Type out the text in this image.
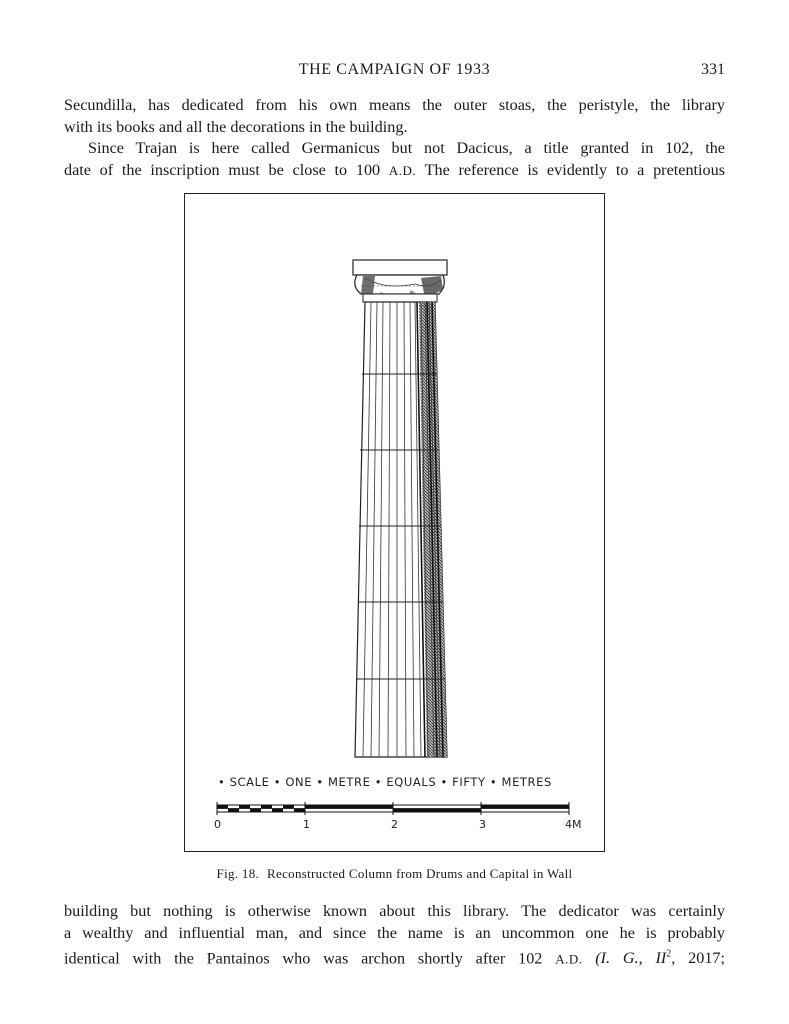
THE CAMPAIGN OF 1933	331
Secundilla, has dedicated from his own means the outer stoas, the peristyle, the library
with its books and all the decorations in the building.
Since Trajan is here called Germanicus but not Dacicus, a title granted in 102, the
date of the inscription must be close to 100 A.D. The reference is evidently to a pretentious
• SCALE • ONE • METRE • EQUALS • FIFTY • METRES
0	1	2	3	4M
Fig. 18. Reconstructed Column from Drums and Capital in Wall
building but nothing is otherwise known about this library. The dedicator was certainly
a wealthy and influential man, and since the name is an uncommon one he is probably
identical with the Pantainos who was archon shortly after 102 A.D. (I. G., $II^2$, 2017;
